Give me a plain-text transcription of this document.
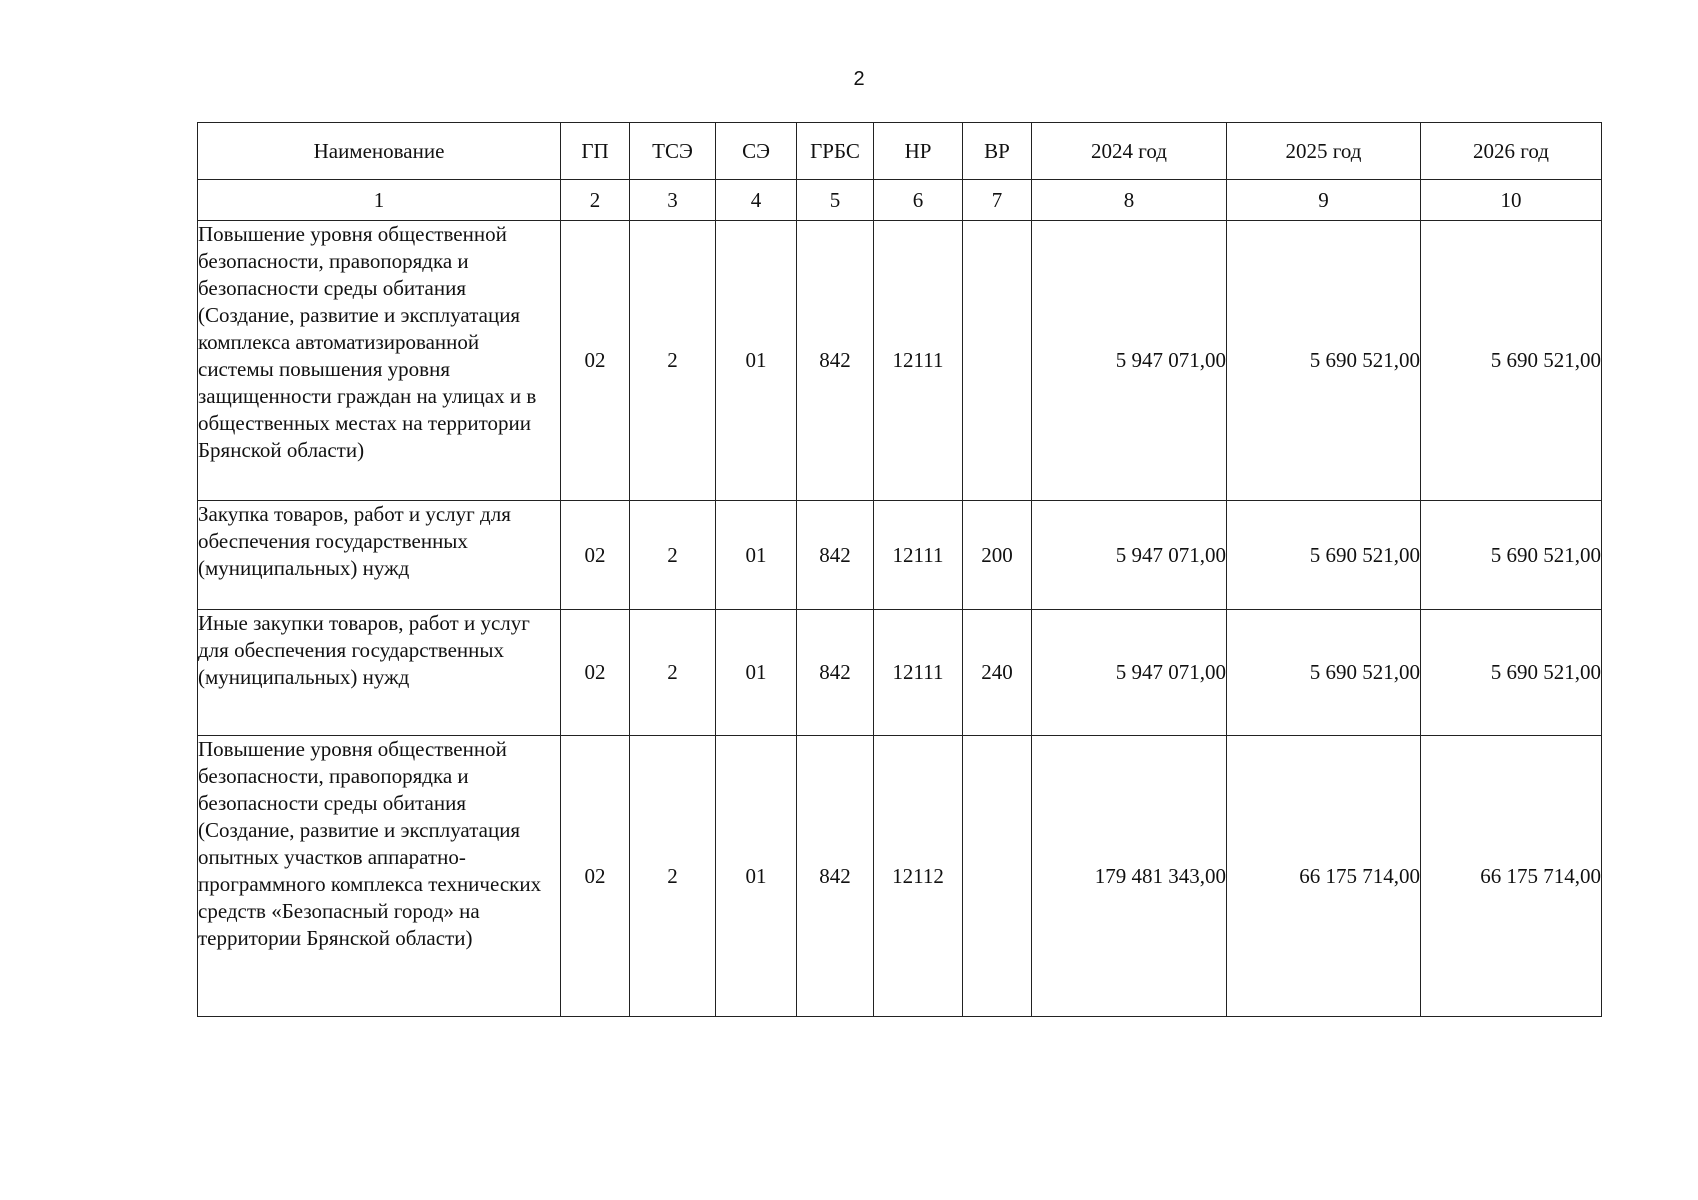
2
Наименование	ГП	ТСЭ	СЭ	ГРБС	НР	ВР	2024 год	2025 год	2026 год
1	2	3	4	5	6	7	8	9	10
Повышение уровня общественной безопасности, правопорядка и безопасности среды обитания (Создание, развитие и эксплуатация комплекса автоматизированной системы повышения уровня защищенности граждан на улицах и в общественных местах на территории Брянской области)	02	2	01	842	12111		5 947 071,00	5 690 521,00	5 690 521,00
Закупка товаров, работ и услуг для обеспечения государственных (муниципальных) нужд	02	2	01	842	12111	200	5 947 071,00	5 690 521,00	5 690 521,00
Иные закупки товаров, работ и услуг для обеспечения государственных (муниципальных) нужд	02	2	01	842	12111	240	5 947 071,00	5 690 521,00	5 690 521,00
Повышение уровня общественной безопасности, правопорядка и безопасности среды обитания (Создание, развитие и эксплуатация опытных участков аппаратно-программного комплекса технических средств «Безопасный город» на территории Брянской области)	02	2	01	842	12112		179 481 343,00	66 175 714,00	66 175 714,00
